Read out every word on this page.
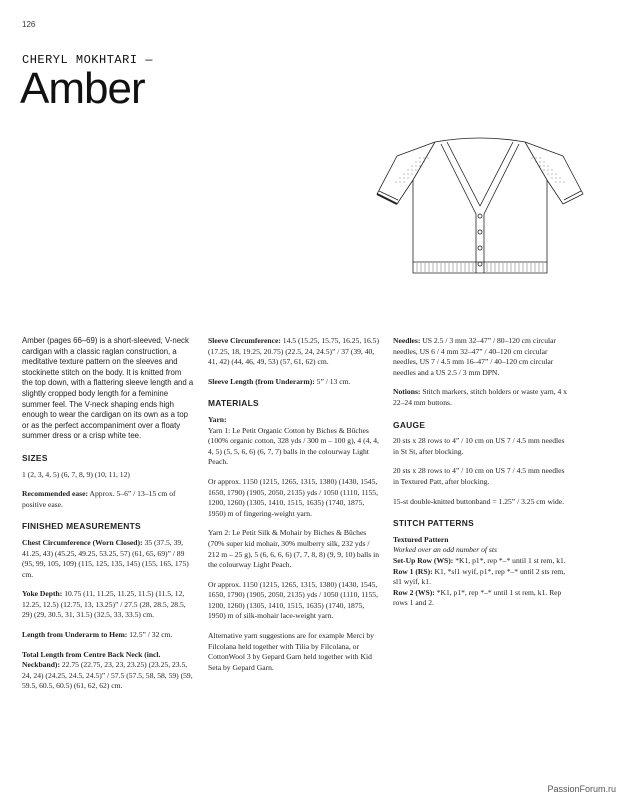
126
CHERYL MOKHTARI —
Amber
Amber (pages 66–69) is a short-sleeved, V-neck cardigan with a classic raglan construction, a meditative texture pattern on the sleeves and stockinette stitch on the body. It is knitted from the top down, with a flattering sleeve length and a slightly cropped body length for a feminine summer feel. The V-neck shaping ends high enough to wear the cardigan on its own as a top or as the perfect accompaniment over a floaty summer dress or a crisp white tee.
SIZES
1 (2, 3, 4, 5) (6, 7, 8, 9) (10, 11, 12)
Recommended ease: Approx. 5–6” / 13–15 cm of positive ease.
FINISHED MEASUREMENTS
Chest Circumference (Worn Closed): 35 (37.5, 39, 41.25, 43) (45.25, 49.25, 53.25, 57) (61, 65, 69)” / 89 (95, 99, 105, 109) (115, 125, 135, 145) (155, 165, 175) cm.
Yoke Depth: 10.75 (11, 11.25, 11.25, 11.5) (11.5, 12, 12.25, 12.5) (12.75, 13, 13.25)” / 27.5 (28, 28.5, 28.5, 29) (29, 30.5, 31, 31.5) (32.5, 33, 33.5) cm.
Length from Underarm to Hem: 12.5” / 32 cm.
Total Length from Centre Back Neck (incl. Neckband): 22.75 (22.75, 23, 23, 23.25) (23.25, 23.5, 24, 24) (24.25, 24.5, 24.5)” / 57.5 (57.5, 58, 58, 59) (59, 59.5, 60.5, 60.5) (61, 62, 62) cm.
Sleeve Circumference: 14.5 (15.25, 15.75, 16.25, 16.5) (17.25, 18, 19.25, 20.75) (22.5, 24, 24.5)” / 37 (39, 40, 41, 42) (44, 46, 49, 53) (57, 61, 62) cm.
Sleeve Length (from Underarm): 5” / 13 cm.
MATERIALS
Yarn:
Yarn 1: Le Petit Organic Cotton by Biches & Bûches (100% organic cotton, 328 yds / 300 m – 100 g), 4 (4, 4, 4, 5) (5, 5, 6, 6) (6, 7, 7) balls in the colourway Light Peach.
Or approx. 1150 (1215, 1265, 1315, 1380) (1430, 1545, 1650, 1790) (1905, 2050, 2135) yds / 1050 (1110, 1155, 1200, 1260) (1305, 1410, 1515, 1635) (1740, 1875, 1950) m of fingering-weight yarn.
Yarn 2: Le Petit Silk & Mohair by Biches & Bûches (70% super kid mohair, 30% mulberry silk, 232 yds / 212 m – 25 g), 5 (6, 6, 6, 6) (7, 7, 8, 8) (9, 9, 10) balls in the colourway Light Peach.
Or approx. 1150 (1215, 1265, 1315, 1380) (1430, 1545, 1650, 1790) (1905, 2050, 2135) yds / 1050 (1110, 1155, 1200, 1260) (1305, 1410, 1515, 1635) (1740, 1875, 1950) m of silk-mohair lace-weight yarn.
Alternative yarn suggestions are for example Merci by Filcolana held together with Tilia by Filcolana, or CottonWool 3 by Gepard Garn held together with Kid Seta by Gepard Garn.
Needles: US 2.5 / 3 mm 32–47” / 80–120 cm circular needles, US 6 / 4 mm 32–47” / 40–120 cm circular needles, US 7 / 4.5 mm 16–47” / 40–120 cm circular needles and a US 2.5 / 3 mm DPN.
Notions: Stitch markers, stitch holders or waste yarn, 4 x 22–24 mm buttons.
GAUGE
20 sts x 28 rows to 4” / 10 cm on US 7 / 4.5 mm needles in St St, after blocking.
20 sts x 28 rows to 4” / 10 cm on US 7 / 4.5 mm needles in Textured Patt, after blocking.
15-st double-knitted buttonband = 1.25” / 3.25 cm wide.
STITCH PATTERNS
Textured Pattern
Worked over an odd number of sts
Set-Up Row (WS): *K1, p1*, rep *–* until 1 st rem, k1.
Row 1 (RS): K1, *sl1 wyif, p1*, rep *–* until 2 sts rem, sl1 wyif, k1.
Row 2 (WS): *K1, p1*, rep *–* until 1 st rem, k1. Rep rows 1 and 2.
PassionForum.ru
